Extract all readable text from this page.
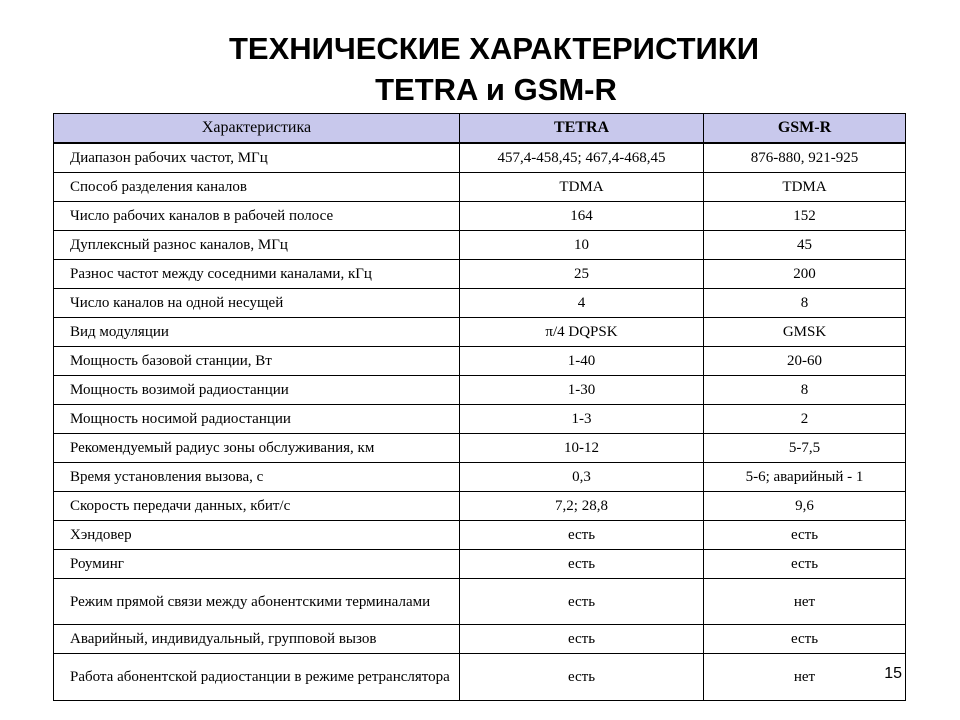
ТЕХНИЧЕСКИЕ ХАРАКТЕРИСТИКИ
TETRA и GSM-R
Характеристика	TETRA	GSM-R
Диапазон рабочих частот, МГц	457,4-458,45; 467,4-468,45	876-880, 921-925
Способ разделения каналов	TDMA	TDMA
Число рабочих каналов в рабочей полосе	164	152
Дуплексный разнос каналов, МГц	10	45
Разнос частот между соседними каналами, кГц	25	200
Число каналов на одной несущей	4	8
Вид модуляции	π/4 DQPSK	GMSK
Мощность базовой станции, Вт	1-40	20-60
Мощность возимой радиостанции	1-30	8
Мощность носимой радиостанции	1-3	2
Рекомендуемый радиус зоны обслуживания, км	10-12	5-7,5
Время установления вызова, с	0,3	5-6; аварийный - 1
Скорость передачи данных, кбит/с	7,2; 28,8	9,6
Хэндовер	есть	есть
Роуминг	есть	есть
Режим прямой связи между абонентскими терминалами	есть	нет
Аварийный, индивидуальный, групповой вызов	есть	есть
Работа абонентской радиостанции в режиме ретранслятора	есть	нет	15
